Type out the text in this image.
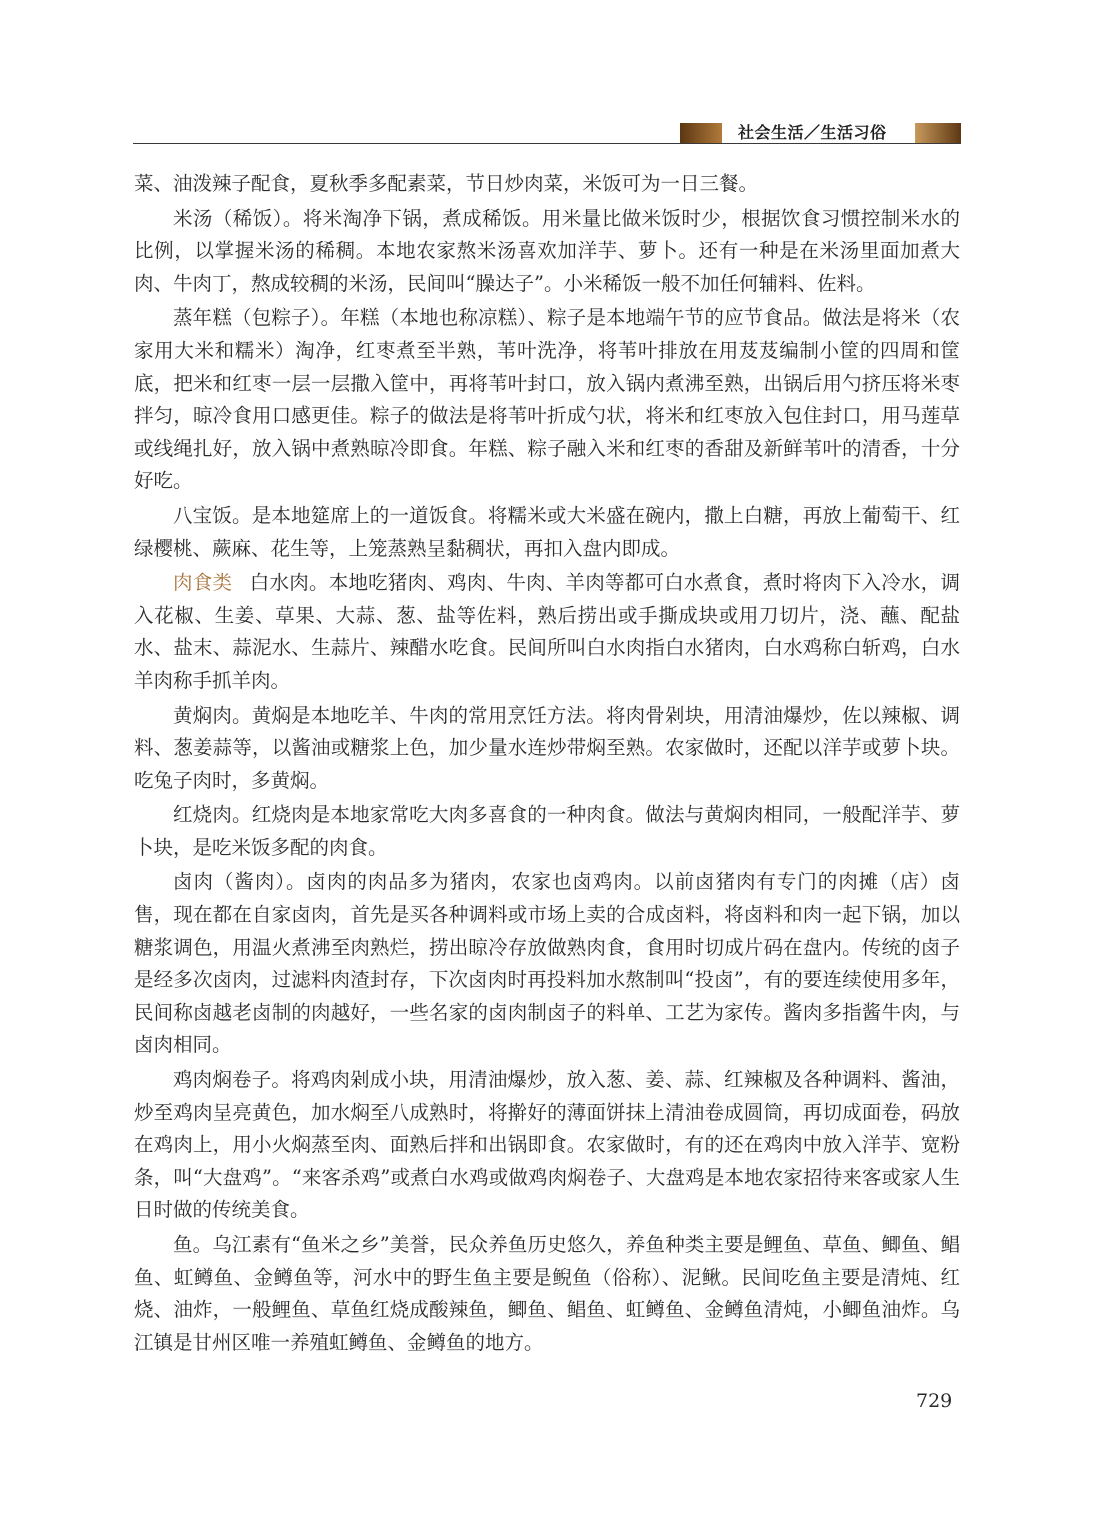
社会生活／生活习俗

菜、油泼辣子配食，夏秋季多配素菜，节日炒肉菜，米饭可为一日三餐。

米汤（稀饭）。将米淘净下锅，煮成稀饭。用米量比做米饭时少，根据饮食习惯控制米水的比例，以掌握米汤的稀稠。本地农家熬米汤喜欢加洋芋、萝卜。还有一种是在米汤里面加煮大肉、牛肉丁，熬成较稠的米汤，民间叫“臊达子”。小米稀饭一般不加任何辅料、佐料。

蒸年糕（包粽子）。年糕（本地也称凉糕）、粽子是本地端午节的应节食品。做法是将米（农家用大米和糯米）淘净，红枣煮至半熟，苇叶洗净，将苇叶排放在用芨芨编制小筐的四周和筐底，把米和红枣一层一层撒入筐中，再将苇叶封口，放入锅内煮沸至熟，出锅后用勺挤压将米枣拌匀，晾冷食用口感更佳。粽子的做法是将苇叶折成勺状，将米和红枣放入包住封口，用马莲草或线绳扎好，放入锅中煮熟晾冷即食。年糕、粽子融入米和红枣的香甜及新鲜苇叶的清香，十分好吃。

八宝饭。是本地筵席上的一道饭食。将糯米或大米盛在碗内，撒上白糖，再放上葡萄干、红绿樱桃、蕨麻、花生等，上笼蒸熟呈黏稠状，再扣入盘内即成。

肉食类 白水肉。本地吃猪肉、鸡肉、牛肉、羊肉等都可白水煮食，煮时将肉下入冷水，调入花椒、生姜、草果、大蒜、葱、盐等佐料，熟后捞出或手撕成块或用刀切片，浇、蘸、配盐水、盐末、蒜泥水、生蒜片、辣醋水吃食。民间所叫白水肉指白水猪肉，白水鸡称白斩鸡，白水羊肉称手抓羊肉。

黄焖肉。黄焖是本地吃羊、牛肉的常用烹饪方法。将肉骨剁块，用清油爆炒，佐以辣椒、调料、葱姜蒜等，以酱油或糖浆上色，加少量水连炒带焖至熟。农家做时，还配以洋芋或萝卜块。吃兔子肉时，多黄焖。

红烧肉。红烧肉是本地家常吃大肉多喜食的一种肉食。做法与黄焖肉相同，一般配洋芋、萝卜块，是吃米饭多配的肉食。

卤肉（酱肉）。卤肉的肉品多为猪肉，农家也卤鸡肉。以前卤猪肉有专门的肉摊（店）卤售，现在都在自家卤肉，首先是买各种调料或市场上卖的合成卤料，将卤料和肉一起下锅，加以糖浆调色，用温火煮沸至肉熟烂，捞出晾冷存放做熟肉食，食用时切成片码在盘内。传统的卤子是经多次卤肉，过滤料肉渣封存，下次卤肉时再投料加水熬制叫“投卤”，有的要连续使用多年，民间称卤越老卤制的肉越好，一些名家的卤肉制卤子的料单、工艺为家传。酱肉多指酱牛肉，与卤肉相同。

鸡肉焖卷子。将鸡肉剁成小块，用清油爆炒，放入葱、姜、蒜、红辣椒及各种调料、酱油，炒至鸡肉呈亮黄色，加水焖至八成熟时，将擀好的薄面饼抹上清油卷成圆筒，再切成面卷，码放在鸡肉上，用小火焖蒸至肉、面熟后拌和出锅即食。农家做时，有的还在鸡肉中放入洋芋、宽粉条，叫“大盘鸡”。“来客杀鸡”或煮白水鸡或做鸡肉焖卷子、大盘鸡是本地农家招待来客或家人生日时做的传统美食。

鱼。乌江素有“鱼米之乡”美誉，民众养鱼历史悠久，养鱼种类主要是鲤鱼、草鱼、鲫鱼、鲳鱼、虹鳟鱼、金鳟鱼等，河水中的野生鱼主要是鲵鱼（俗称）、泥鳅。民间吃鱼主要是清炖、红烧、油炸，一般鲤鱼、草鱼红烧成酸辣鱼，鲫鱼、鲳鱼、虹鳟鱼、金鳟鱼清炖，小鲫鱼油炸。乌江镇是甘州区唯一养殖虹鳟鱼、金鳟鱼的地方。

729
